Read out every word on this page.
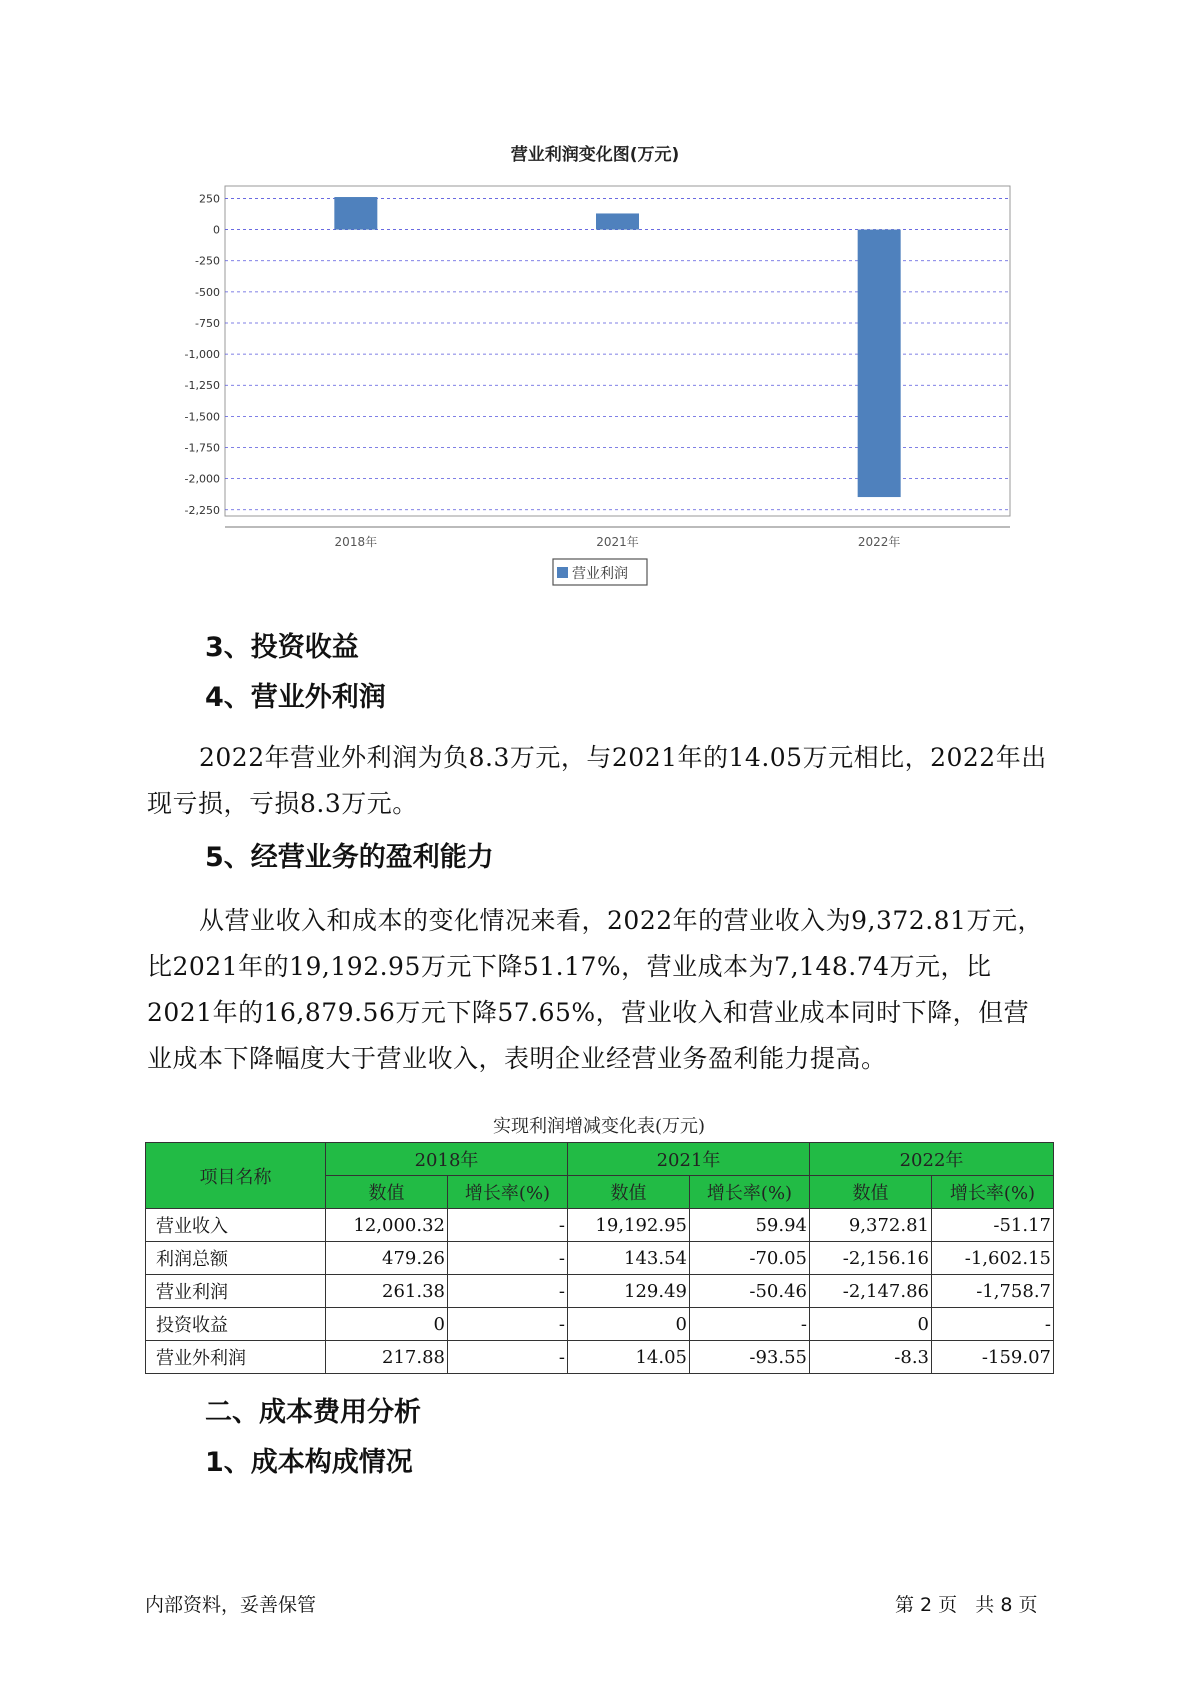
营业利润变化图(万元)
250
0
-250
-500
-750
-1,000
-1,250
-1,500
-1,750
-2,000
-2,250
2018年	2021年	2022年
营业利润
3、投资收益
4、营业外利润

2022年营业外利润为负8.3万元，与2021年的14.05万元相比，2022年出现亏损，亏损8.3万元。

5、经营业务的盈利能力

从营业收入和成本的变化情况来看，2022年的营业收入为9,372.81万元，比2021年的19,192.95万元下降51.17%，营业成本为7,148.74万元，比2021年的16,879.56万元下降57.65%，营业收入和营业成本同时下降，但营业成本下降幅度大于营业收入，表明企业经营业务盈利能力提高。

实现利润增减变化表(万元)

项目名称	2018年		2021年		2022年	
	数值	增长率(%)	数值	增长率(%)	数值	增长率(%)
营业收入	12,000.32	-	19,192.95	59.94	9,372.81	-51.17
利润总额	479.26	-	143.54	-70.05	-2,156.16	-1,602.15
营业利润	261.38	-	129.49	-50.46	-2,147.86	-1,758.7
投资收益	0	-	0	-	0	-
营业外利润	217.88	-	14.05	-93.55	-8.3	-159.07
二、成本费用分析
1、成本构成情况
内部资料，妥善保管	第 2 页   共 8 页
